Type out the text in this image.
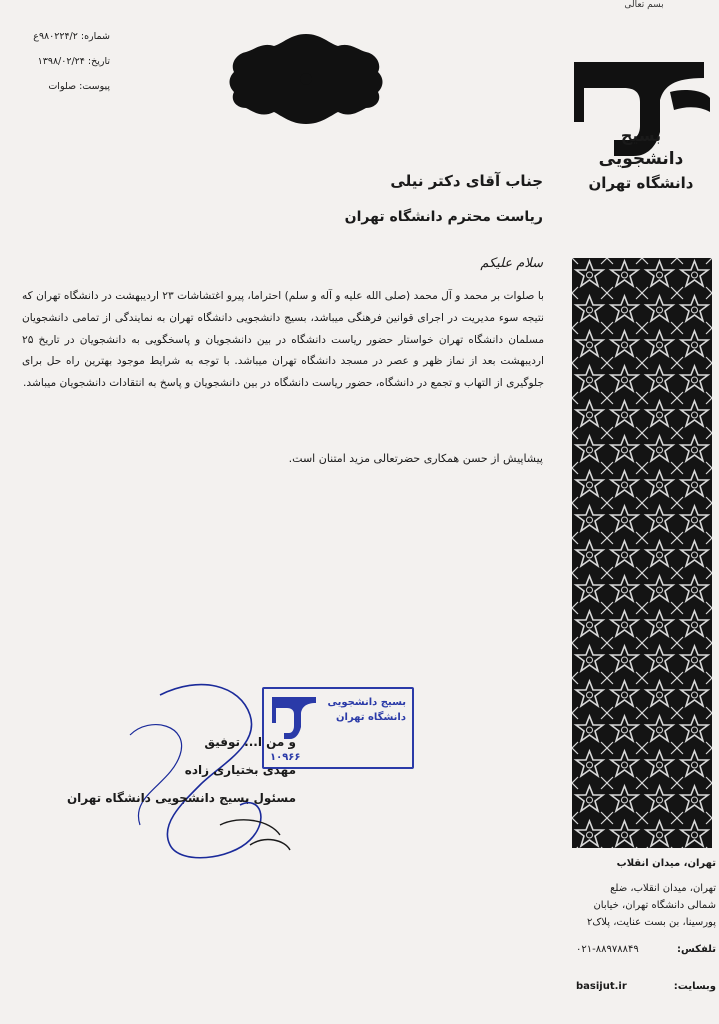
شماره: ۹۸۰۲۲۴/۲ع
تاریخ: ۱۳۹۸/۰۲/۲۴
پیوست: صلوات
بسم تعالی
بسیج
دانشجویی
دانشگاه تهران
جناب آقای دکتر نیلی
ریاست محترم دانشگاه تهران
سلام علیکم
با صلوات بر محمد و آل محمد (صلی الله علیه و آله و سلم) احتراما، پیرو اغتشاشات ۲۳ اردیبهشت در دانشگاه تهران که نتیجه سوء مدیریت در اجرای قوانین فرهنگی میباشد، بسیج دانشجویی دانشگاه تهران به نمایندگی از تمامی دانشجویان مسلمان دانشگاه تهران خواستار حضور ریاست دانشگاه در بین دانشجویان و پاسخگویی به دانشجویان در تاریخ ۲۵ اردیبهشت بعد از نماز ظهر و عصر در مسجد دانشگاه تهران میباشد. با توجه به شرایط موجود بهترین راه حل برای جلوگیری از التهاب و تجمع در دانشگاه، حضور ریاست دانشگاه در بین دانشجویان و پاسخ به انتقادات دانشجویان میباشد.
پیشاپیش از حسن همکاری حضرتعالی مزید امتنان است.
بسیج دانشجویی
دانشگاه تهران
۱۰۹۶۶
و من ا... توفیق
مهدی بختیاری زاده
مسئول بسیج دانشجویی دانشگاه تهران
تهران، میدان انقلاب
تهران، میدان انقلاب، ضلع
شمالی دانشگاه تهران، خیابان
پورسینا، بن بست عنایت، پلاک۲
تلفکس:
۰۲۱-۸۸۹۷۸۸۴۹
وبسایت:
basijut.ir
